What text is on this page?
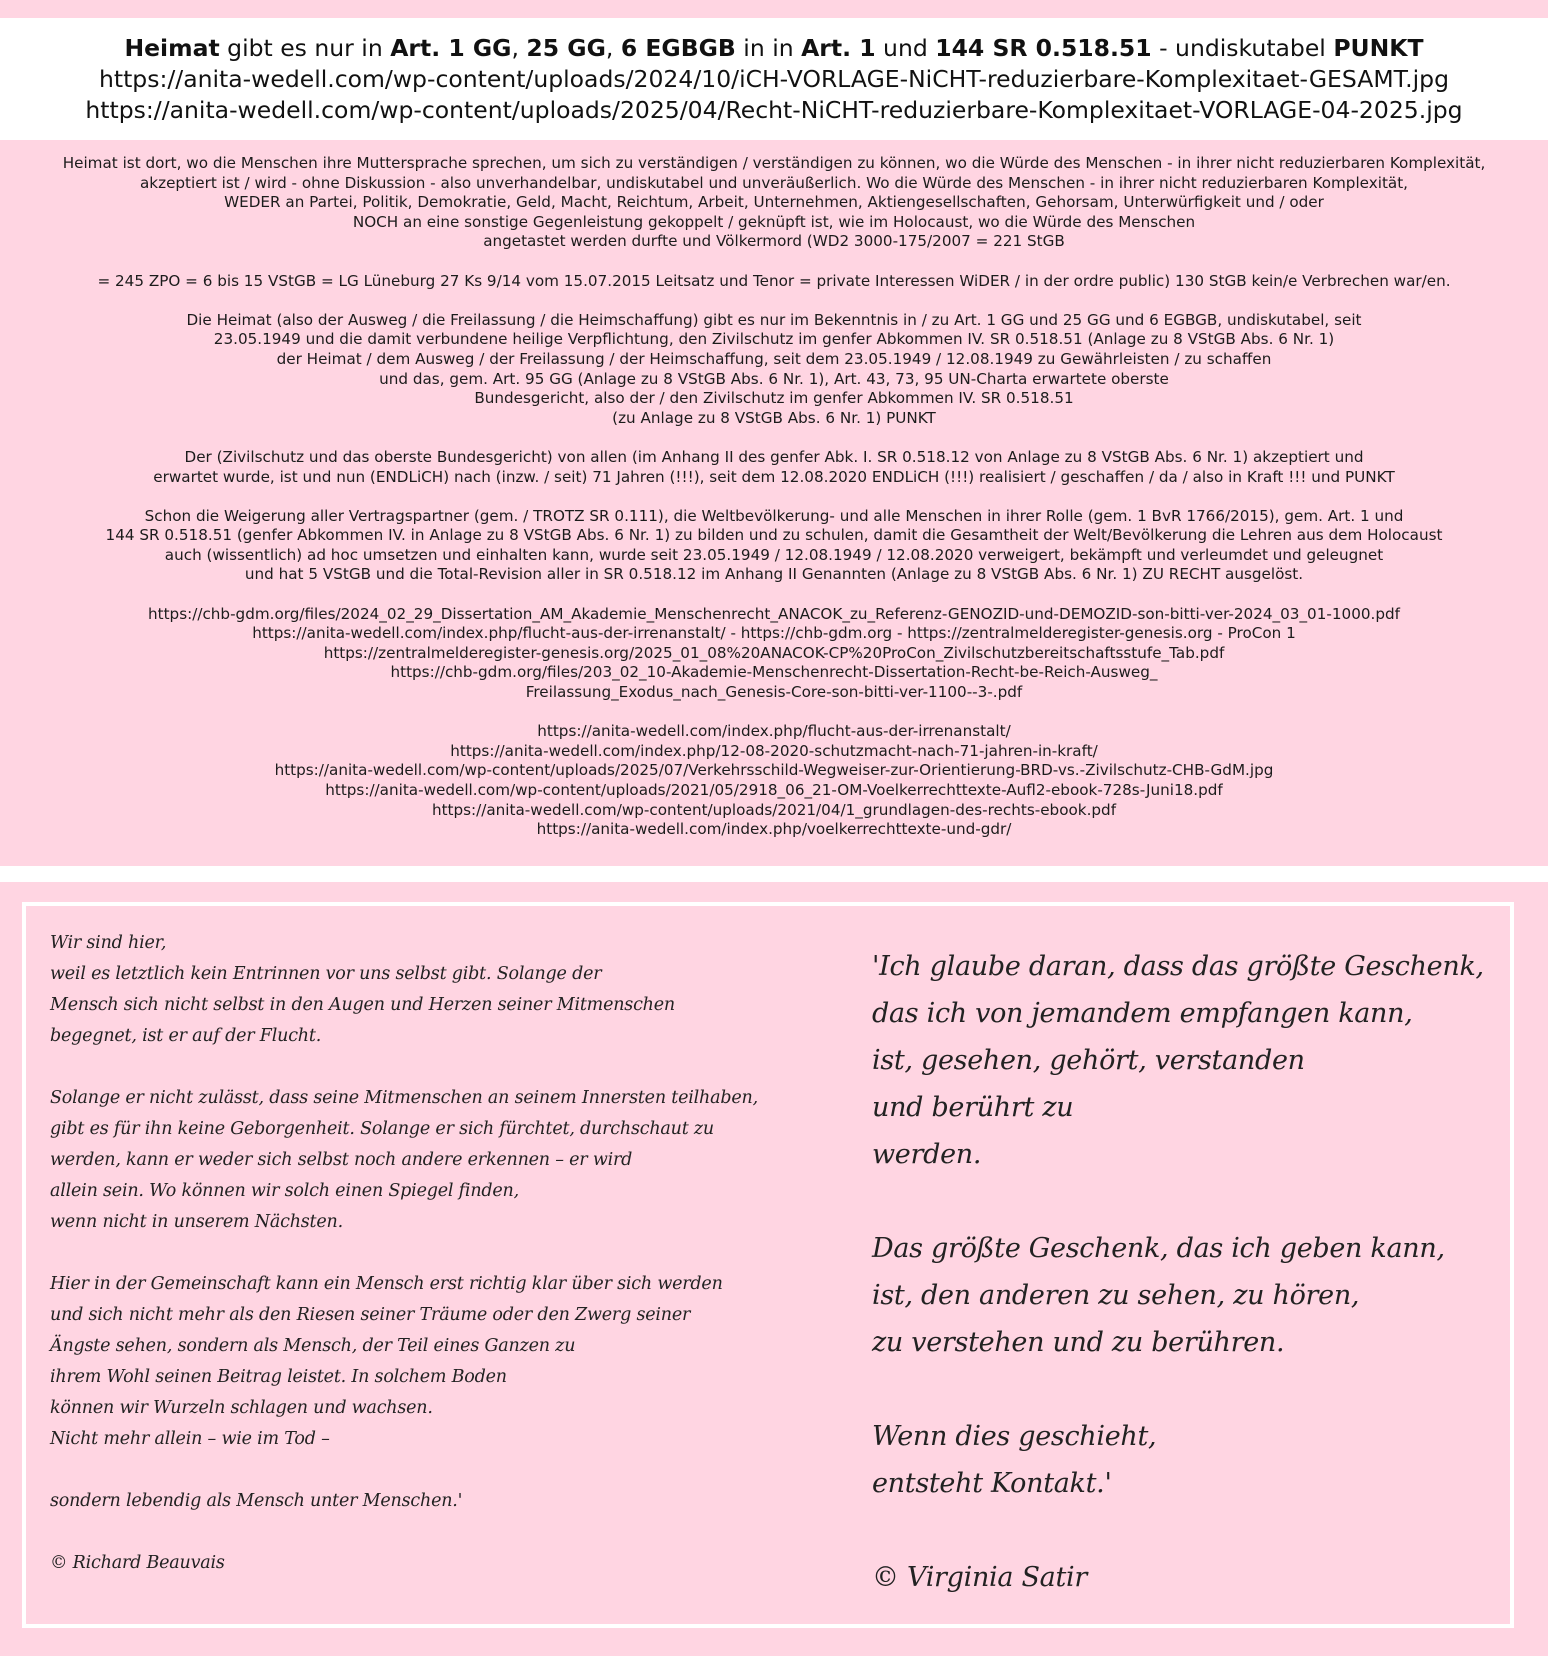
Heimat gibt es nur in Art. 1 GG, 25 GG, 6 EGBGB in in Art. 1 und 144 SR 0.518.51 - undiskutabel PUNKT
https://anita-wedell.com/wp-content/uploads/2024/10/iCH-VORLAGE-NiCHT-reduzierbare-Komplexitaet-GESAMT.jpg
https://anita-wedell.com/wp-content/uploads/2025/04/Recht-NiCHT-reduzierbare-Komplexitaet-VORLAGE-04-2025.jpg
Heimat ist dort, wo die Menschen ihre Muttersprache sprechen, um sich zu verständigen / verständigen zu können, wo die Würde des Menschen - in ihrer nicht reduzierbaren Komplexität,
akzeptiert ist / wird - ohne Diskussion - also unverhandelbar, undiskutabel und unveräußerlich. Wo die Würde des Menschen - in ihrer nicht reduzierbaren Komplexität,
WEDER an Partei, Politik, Demokratie, Geld, Macht, Reichtum, Arbeit, Unternehmen, Aktiengesellschaften, Gehorsam, Unterwürfigkeit und / oder
NOCH an eine sonstige Gegenleistung gekoppelt / geknüpft ist, wie im Holocaust, wo die Würde des Menschen
angetastet werden durfte und Völkermord (WD2 3000-175/2007 = 221 StGB
= 245 ZPO = 6 bis 15 VStGB = LG Lüneburg 27 Ks 9/14 vom 15.07.2015 Leitsatz und Tenor = private Interessen WiDER / in der ordre public) 130 StGB kein/e Verbrechen war/en.
Die Heimat (also der Ausweg / die Freilassung / die Heimschaffung) gibt es nur im Bekenntnis in / zu Art. 1 GG und 25 GG und 6 EGBGB, undiskutabel, seit
23.05.1949 und die damit verbundene heilige Verpflichtung, den Zivilschutz im genfer Abkommen IV. SR 0.518.51 (Anlage zu 8 VStGB Abs. 6 Nr. 1)
der Heimat / dem Ausweg / der Freilassung / der Heimschaffung, seit dem 23.05.1949 / 12.08.1949 zu Gewährleisten / zu schaffen
und das, gem. Art. 95 GG (Anlage zu 8 VStGB Abs. 6 Nr. 1), Art. 43, 73, 95 UN-Charta erwartete oberste
Bundesgericht, also der / den Zivilschutz im genfer Abkommen IV. SR 0.518.51
(zu Anlage zu 8 VStGB Abs. 6 Nr. 1) PUNKT
Der (Zivilschutz und das oberste Bundesgericht) von allen (im Anhang II des genfer Abk. I. SR 0.518.12 von Anlage zu 8 VStGB Abs. 6 Nr. 1) akzeptiert und
erwartet wurde, ist und nun (ENDLiCH) nach (inzw. / seit) 71 Jahren (!!!), seit dem 12.08.2020 ENDLiCH (!!!) realisiert / geschaffen / da / also in Kraft !!! und PUNKT
Schon die Weigerung aller Vertragspartner (gem. / TROTZ SR 0.111), die Weltbevölkerung- und alle Menschen in ihrer Rolle (gem. 1 BvR 1766/2015), gem. Art. 1 und
144 SR 0.518.51 (genfer Abkommen IV. in Anlage zu 8 VStGB Abs. 6 Nr. 1) zu bilden und zu schulen, damit die Gesamtheit der Welt/Bevölkerung die Lehren aus dem Holocaust
auch (wissentlich) ad hoc umsetzen und einhalten kann, wurde seit 23.05.1949 / 12.08.1949 / 12.08.2020 verweigert, bekämpft und verleumdet und geleugnet
und hat 5 VStGB und die Total-Revision aller in SR 0.518.12 im Anhang II Genannten (Anlage zu 8 VStGB Abs. 6 Nr. 1) ZU RECHT ausgelöst.
https://chb-gdm.org/files/2024_02_29_Dissertation_AM_Akademie_Menschenrecht_ANACOK_zu_Referenz-GENOZID-und-DEMOZID-son-bitti-ver-2024_03_01-1000.pdf
https://anita-wedell.com/index.php/flucht-aus-der-irrenanstalt/ - https://chb-gdm.org - https://zentralmelderegister-genesis.org - ProCon 1
https://zentralmelderegister-genesis.org/2025_01_08%20ANACOK-CP%20ProCon_Zivilschutzbereitschaftsstufe_Tab.pdf
https://chb-gdm.org/files/203_02_10-Akademie-Menschenrecht-Dissertation-Recht-be-Reich-Ausweg_
Freilassung_Exodus_nach_Genesis-Core-son-bitti-ver-1100--3-.pdf
https://anita-wedell.com/index.php/flucht-aus-der-irrenanstalt/
https://anita-wedell.com/index.php/12-08-2020-schutzmacht-nach-71-jahren-in-kraft/
https://anita-wedell.com/wp-content/uploads/2025/07/Verkehrsschild-Wegweiser-zur-Orientierung-BRD-vs.-Zivilschutz-CHB-GdM.jpg
https://anita-wedell.com/wp-content/uploads/2021/05/2918_06_21-OM-Voelkerrechttexte-Aufl2-ebook-728s-Juni18.pdf
https://anita-wedell.com/wp-content/uploads/2021/04/1_grundlagen-des-rechts-ebook.pdf
https://anita-wedell.com/index.php/voelkerrechttexte-und-gdr/
Wir sind hier,
weil es letztlich kein Entrinnen vor uns selbst gibt. Solange der
Mensch sich nicht selbst in den Augen und Herzen seiner Mitmenschen
begegnet, ist er auf der Flucht.
Solange er nicht zulässt, dass seine Mitmenschen an seinem Innersten teilhaben,
gibt es für ihn keine Geborgenheit. Solange er sich fürchtet, durchschaut zu
werden, kann er weder sich selbst noch andere erkennen – er wird
allein sein. Wo können wir solch einen Spiegel finden,
wenn nicht in unserem Nächsten.
Hier in der Gemeinschaft kann ein Mensch erst richtig klar über sich werden
und sich nicht mehr als den Riesen seiner Träume oder den Zwerg seiner
Ängste sehen, sondern als Mensch, der Teil eines Ganzen zu
ihrem Wohl seinen Beitrag leistet. In solchem Boden
können wir Wurzeln schlagen und wachsen.
Nicht mehr allein – wie im Tod –
sondern lebendig als Mensch unter Menschen.'
© Richard Beauvais
'Ich glaube daran, dass das größte Geschenk,
das ich von jemandem empfangen kann,
ist, gesehen, gehört, verstanden
und berührt zu
werden.
Das größte Geschenk, das ich geben kann,
ist, den anderen zu sehen, zu hören,
zu verstehen und zu berühren.
Wenn dies geschieht,
entsteht Kontakt.'
© Virginia Satir
